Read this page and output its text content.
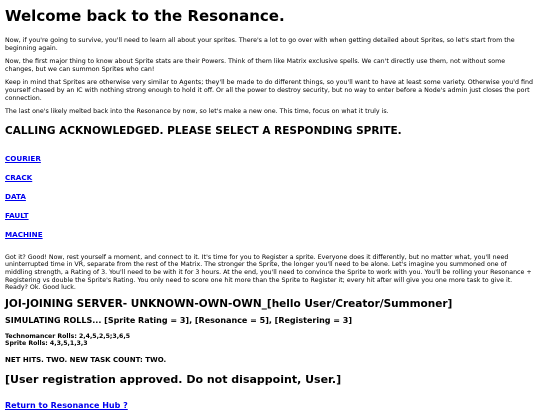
Welcome back to the Resonance.

Now, if you're going to survive, you'll need to learn all about your sprites. There's a lot to go over with when getting detailed about Sprites, so let's start from the beginning again.

Now, the first major thing to know about Sprite stats are their Powers. Think of them like Matrix exclusive spells. We can't directly use them, not without some changes, but we can summon Sprites who can!

Keep in mind that Sprites are otherwise very similar to Agents; they'll be made to do different things, so you'll want to have at least some variety. Otherwise you'd find yourself chased by an IC with nothing strong enough to hold it off. Or all the power to destroy security, but no way to enter before a Node's admin just closes the port connection.

The last one's likely melted back into the Resonance by now, so let's make a new one. This time, focus on what it truly is.

CALLING ACKNOWLEDGED. PLEASE SELECT A RESPONDING SPRITE.
COURIER
CRACK
DATA
FAULT
MACHINE

Got it? Good! Now, rest yourself a moment, and connect to it. It's time for you to Register a sprite. Everyone does it differently, but no matter what, you'll need uninterrupted time in VR, separate from the rest of the Matrix. The stronger the Sprite, the longer you'll need to be alone. Let's imagine you summoned one of middling strength, a Rating of 3. You'll need to be with it for 3 hours. At the end, you'll need to convince the Sprite to work with you. You'll be rolling your Resonance + Registering vs double the Sprite's Rating. You only need to score one hit more than the Sprite to Register it; every hit after will give you one more task to give it. Ready? Ok. Good luck.

JOI-JOINING SERVER- UNKNOWN-OWN-OWN_[hello User/Creator/Summoner]
SIMULATING ROLLS... [Sprite Rating = 3], [Resonance = 5], [Registering = 3]
Technomancer Rolls: 2,4,5,2,5;3,6,5
Sprite Rolls: 4,3,5,1,3,3
NET HITS. TWO. NEW TASK COUNT: TWO.
[User registration approved. Do not disappoint, User.]
Return to Resonance Hub ?
